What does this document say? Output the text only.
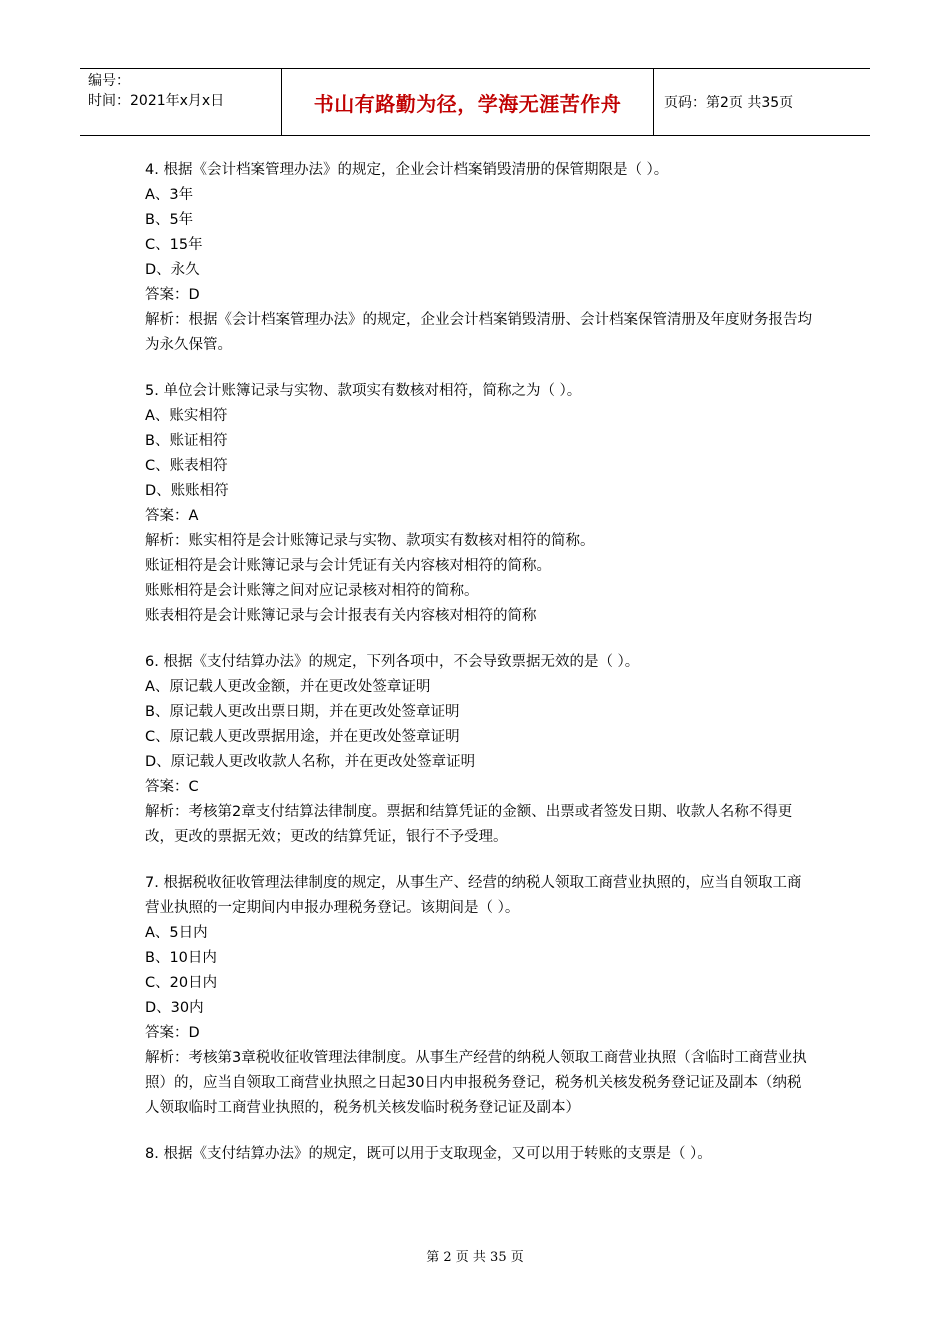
编号：
时间：2021年x月x日	书山有路勤为径，学海无涯苦作舟	页码：第2页 共35页
4. 根据《会计档案管理办法》的规定，企业会计档案销毁清册的保管期限是（ ）。
A、3年
B、5年
C、15年
D、永久
答案：D
解析：根据《会计档案管理办法》的规定，企业会计档案销毁清册、会计档案保管清册及年度财务报告均为永久保管。
5. 单位会计账簿记录与实物、款项实有数核对相符，简称之为（ ）。
A、账实相符
B、账证相符
C、账表相符
D、账账相符
答案：A
解析：账实相符是会计账簿记录与实物、款项实有数核对相符的简称。
账证相符是会计账簿记录与会计凭证有关内容核对相符的简称。
账账相符是会计账簿之间对应记录核对相符的简称。
账表相符是会计账簿记录与会计报表有关内容核对相符的简称
6. 根据《支付结算办法》的规定，下列各项中，不会导致票据无效的是（ ）。
A、原记载人更改金额，并在更改处签章证明
B、原记载人更改出票日期，并在更改处签章证明
C、原记载人更改票据用途，并在更改处签章证明
D、原记载人更改收款人名称，并在更改处签章证明
答案：C
解析：考核第2章支付结算法律制度。票据和结算凭证的金额、出票或者签发日期、收款人名称不得更改，更改的票据无效；更改的结算凭证，银行不予受理。
7. 根据税收征收管理法律制度的规定，从事生产、经营的纳税人领取工商营业执照的，应当自领取工商营业执照的一定期间内申报办理税务登记。该期间是（ ）。
A、5日内
B、10日内
C、20日内
D、30内
答案：D
解析：考核第3章税收征收管理法律制度。从事生产经营的纳税人领取工商营业执照（含临时工商营业执照）的，应当自领取工商营业执照之日起30日内申报税务登记，税务机关核发税务登记证及副本（纳税人领取临时工商营业执照的，税务机关核发临时税务登记证及副本）
8. 根据《支付结算办法》的规定，既可以用于支取现金，又可以用于转账的支票是（ ）。
第 2 页 共 35 页
